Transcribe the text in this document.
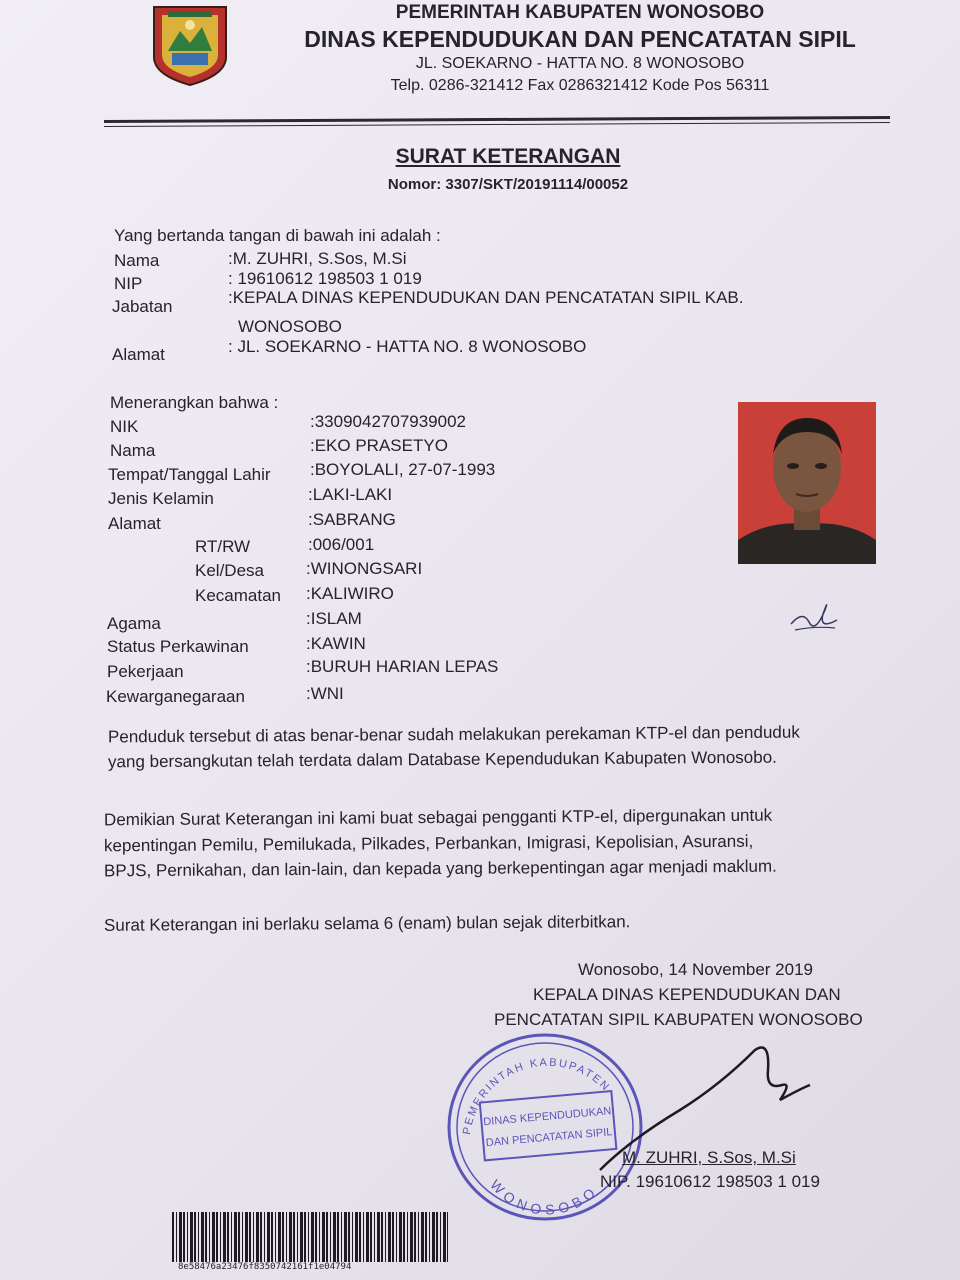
PEMERINTAH KABUPATEN WONOSOBO
DINAS KEPENDUDUKAN DAN PENCATATAN SIPIL
JL. SOEKARNO - HATTA NO. 8 WONOSOBO
Telp. 0286-321412 Fax 0286321412 Kode Pos 56311
SURAT KETERANGAN
Nomor: 3307/SKT/20191114/00052
Yang bertanda tangan di bawah ini adalah :
Nama	:M. ZUHRI, S.Sos, M.Si
NIP	: 19610612 198503 1 019
Jabatan	:KEPALA DINAS KEPENDUDUKAN DAN PENCATATAN SIPIL KAB.
WONOSOBO
Alamat	: JL. SOEKARNO - HATTA NO. 8 WONOSOBO
Menerangkan bahwa :
NIK	:3309042707939002
Nama	:EKO PRASETYO
Tempat/Tanggal Lahir :BOYOLALI, 27-07-1993
Jenis Kelamin	:LAKI-LAKI
Alamat	:SABRANG
RT/RW	:006/001
Kel/Desa :WINONGSARI
Kecamatan :KALIWIRO
Agama	:ISLAM
Status Perkawinan	:KAWIN
Pekerjaan	:BURUH HARIAN LEPAS
Kewarganegaraan	:WNI
Penduduk tersebut di atas benar-benar sudah melakukan perekaman KTP-el dan penduduk
yang bersangkutan telah terdata dalam Database Kependudukan Kabupaten Wonosobo.
Demikian Surat Keterangan ini kami buat sebagai pengganti KTP-el, dipergunakan untuk
kepentingan Pemilu, Pemilukada, Pilkades, Perbankan, Imigrasi, Kepolisian, Asuransi,
BPJS, Pernikahan, dan lain-lain, dan kepada yang berkepentingan agar menjadi maklum.
Surat Keterangan ini berlaku selama 6 (enam) bulan sejak diterbitkan.
Wonosobo, 14 November 2019
KEPALA DINAS KEPENDUDUKAN DAN
PENCATATAN SIPIL KABUPATEN WONOSOBO
PEMERINTAH KABUPATEN
WONOSOBO
DINAS KEPENDUDUKAN
DAN PENCATATAN SIPIL
M. ZUHRI, S.Sos, M.Si
NIP. 19610612 198503 1 019
8e58476a23476f8350742161f1e04794
